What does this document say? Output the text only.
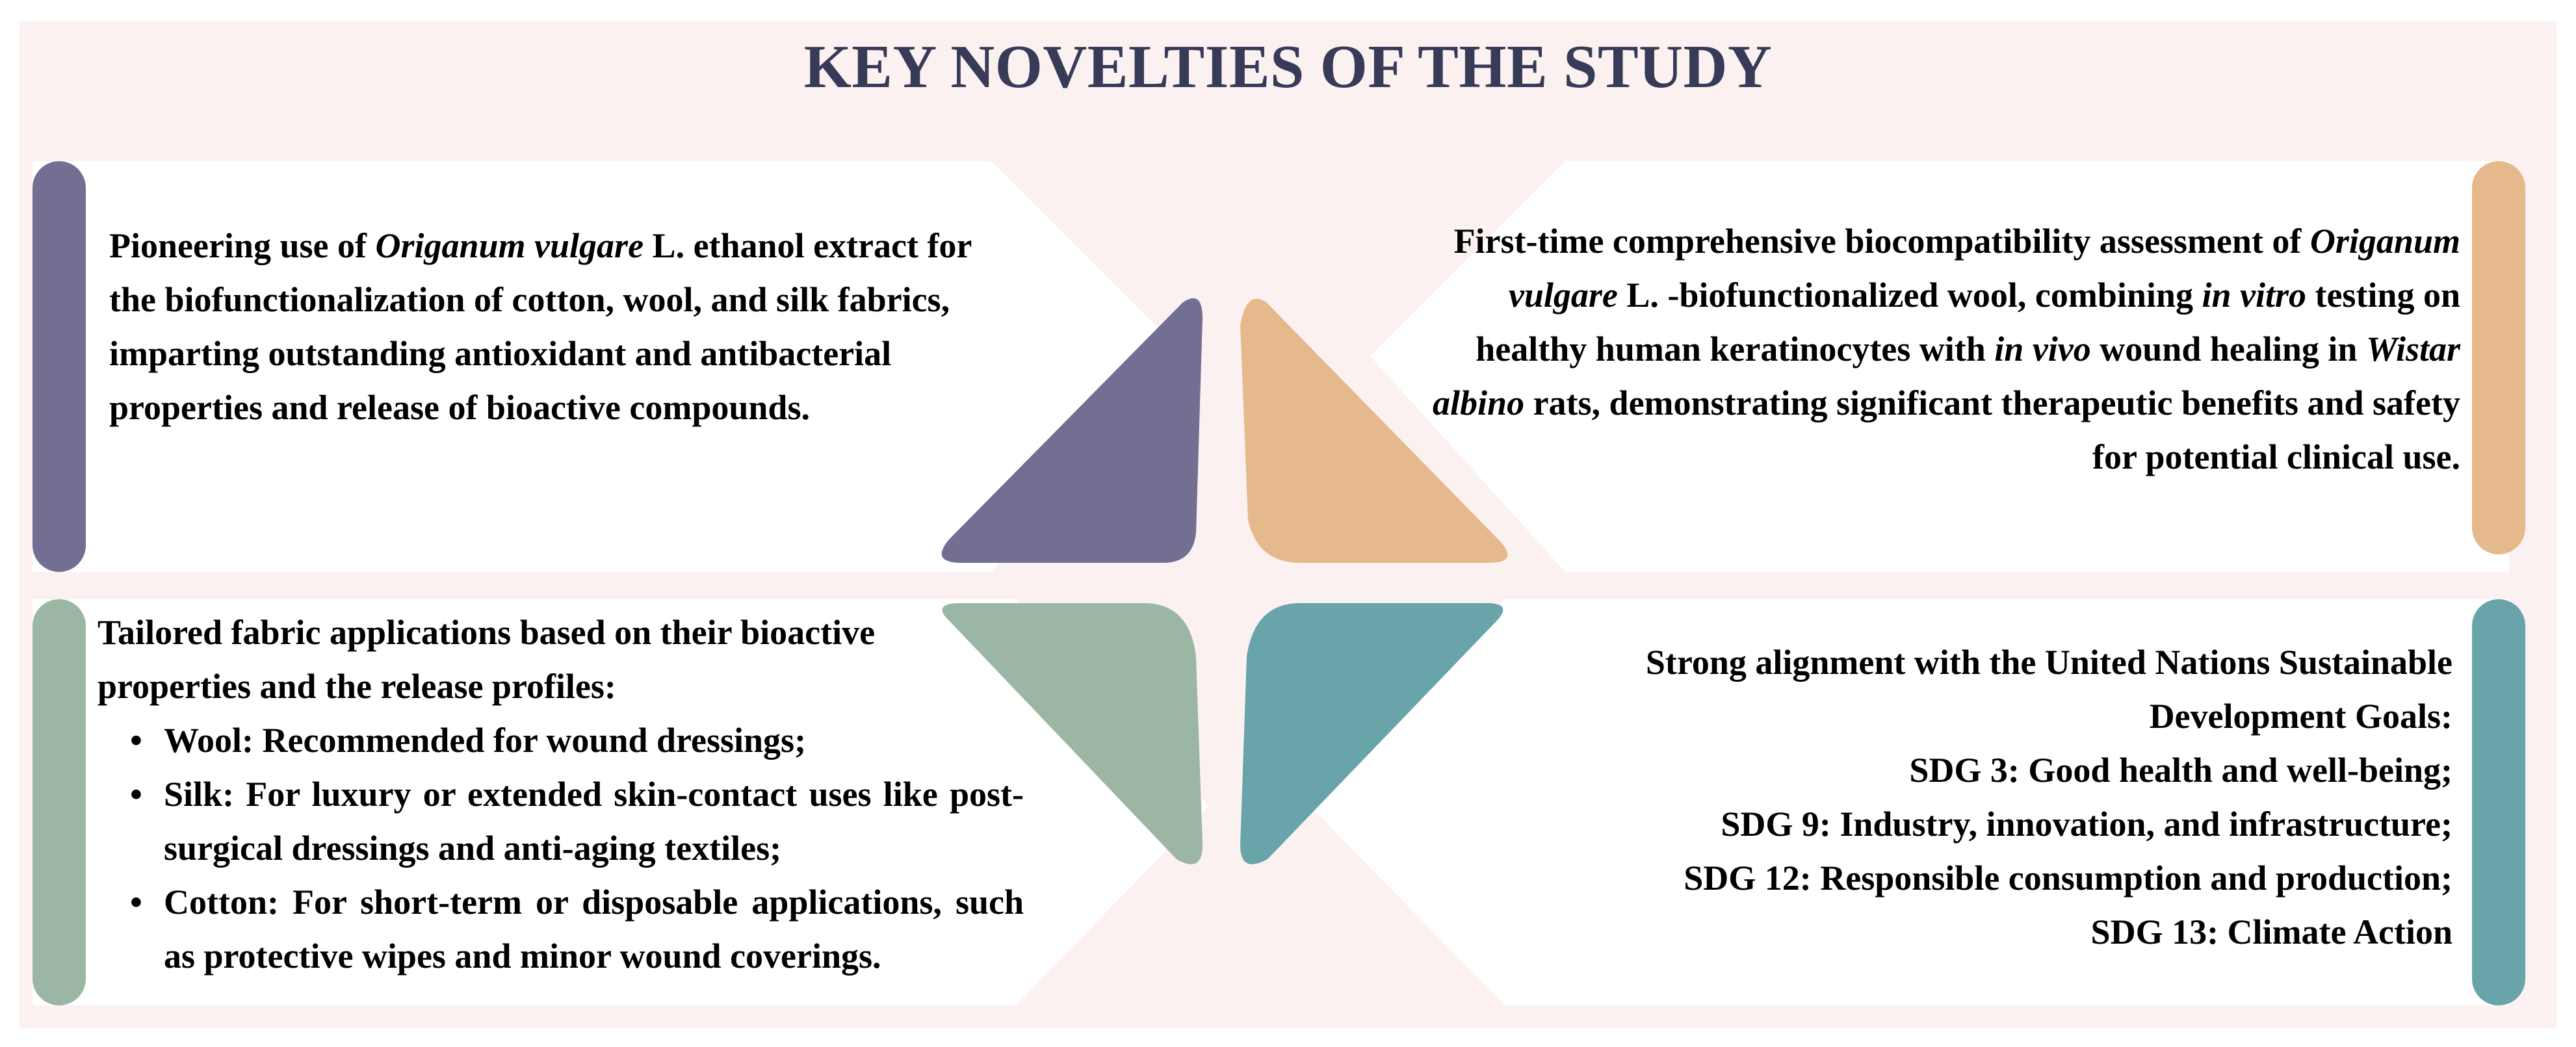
KEY NOVELTIES OF THE STUDY
Pioneering use of Origanum vulgare L. ethanol extract for the biofunctionalization of cotton, wool, and silk fabrics, imparting outstanding antioxidant and antibacterial properties and release of bioactive compounds.
First-time comprehensive biocompatibility assessment of Origanum vulgare L. -biofunctionalized wool, combining in vitro testing on healthy human keratinocytes with in vivo wound healing in Wistar albino rats, demonstrating significant therapeutic benefits and safety for potential clinical use.
Tailored fabric applications based on their bioactive properties and the release profiles:
• Wool: Recommended for wound dressings;
• Silk: For luxury or extended skin-contact uses like post-surgical dressings and anti-aging textiles;
• Cotton: For short-term or disposable applications, such as protective wipes and minor wound coverings.
Strong alignment with the United Nations Sustainable Development Goals:
SDG 3: Good health and well-being;
SDG 9: Industry, innovation, and infrastructure;
SDG 12: Responsible consumption and production;
SDG 13: Climate Action
